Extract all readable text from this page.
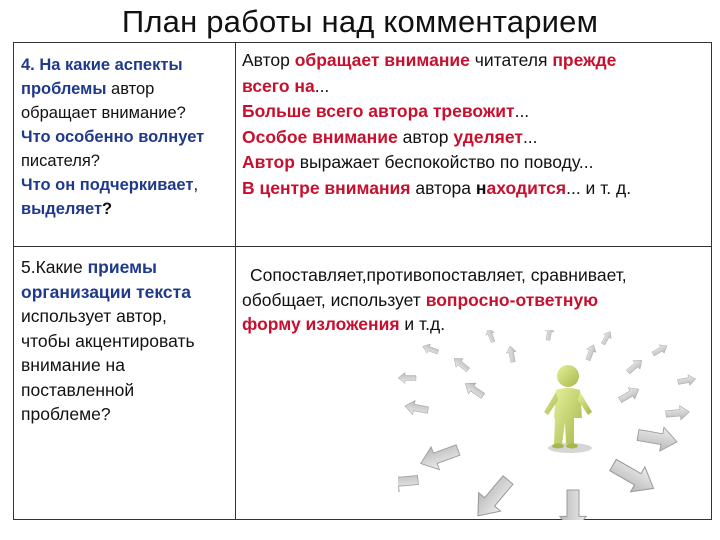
План работы над комментарием
4. На какие аспекты
проблемы автор
обращает внимание?
Что особенно волнует
писателя?
Что он подчеркивает,
выделяет?
Автор обращает внимание читателя прежде
всего на...
Больше всего автора тревожит...
Особое внимание автор уделяет...
Автор выражает беспокойство по поводу...
В центре внимания автора находится... и т. д.
5.Какие приемы
организации текста
использует автор,
чтобы акцентировать
внимание на
поставленной
проблеме?
Сопоставляет,противопоставляет, сравнивает,
обобщает, использует вопросно-ответную
форму изложения и т.д.
